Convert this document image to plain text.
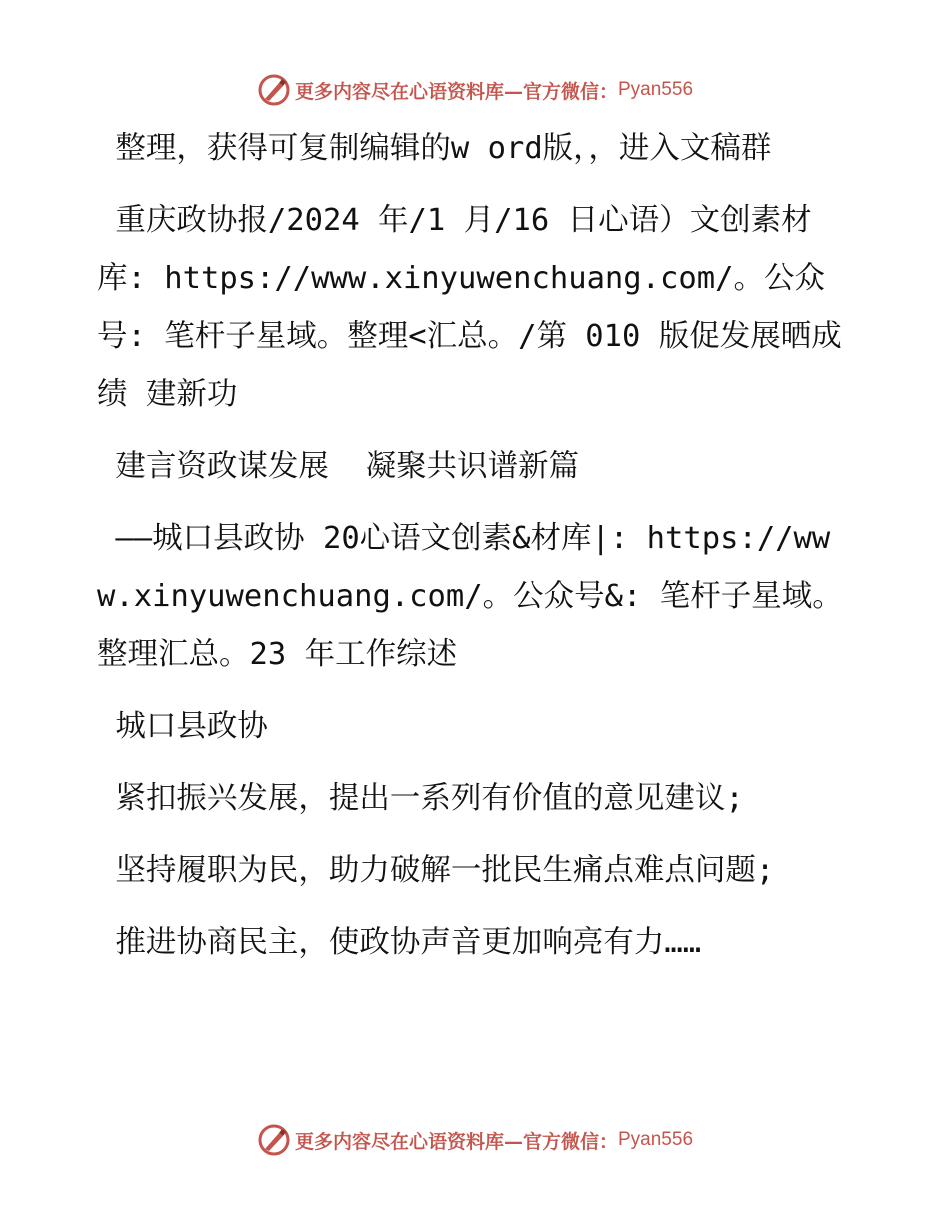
更多内容尽在心语资料库—官方微信： Pyan556

整理，获得可复制编辑的w ord版，，进入文稿群

重庆政协报/2024 年/1 月/16 日心语）文创素材库: https://www.xinyuwenchuang.com/。公众号: 笔杆子星域。整理<汇总。/第 010 版促发展晒成绩 建新功

建言资政谋发展  凝聚共识谱新篇

——城口县政协 20心语文创素&材库|: https://www.xinyuwenchuang.com/。公众号&: 笔杆子星域。整理汇总。23 年工作综述

城口县政协

紧扣振兴发展，提出一系列有价值的意见建议;

坚持履职为民，助力破解一批民生痛点难点问题;

推进协商民主，使政协声音更加响亮有力……

更多内容尽在心语资料库—官方微信： Pyan556
